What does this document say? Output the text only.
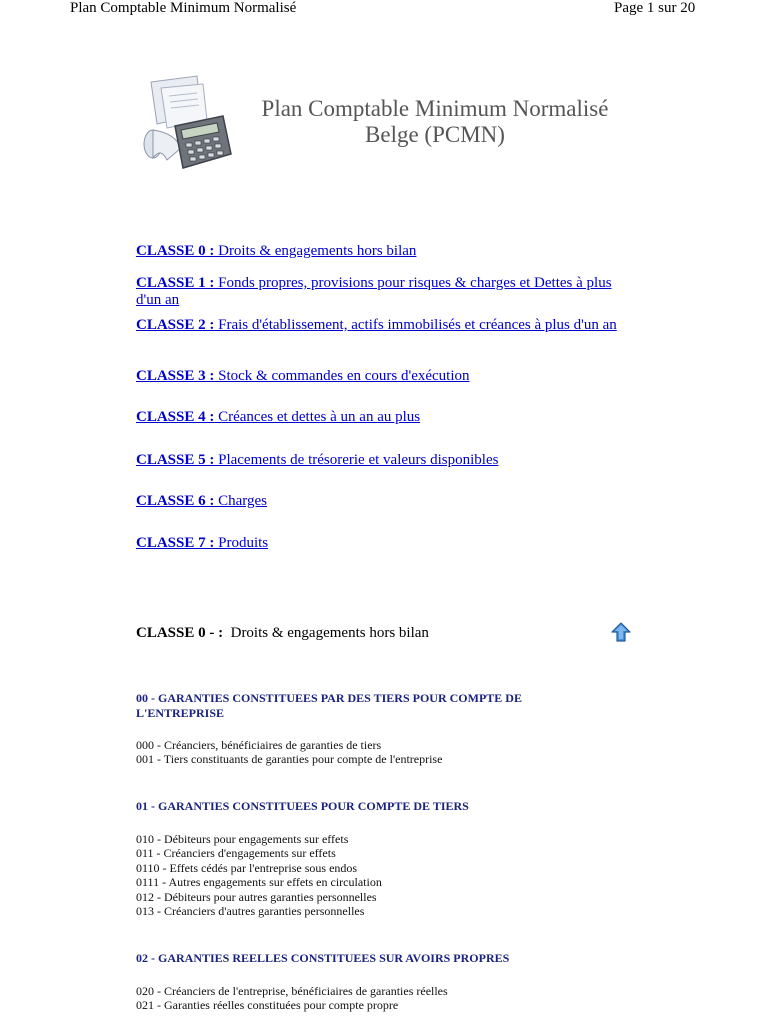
Plan Comptable Minimum Normalisé	Page 1 sur 20
Plan Comptable Minimum Normalisé
Belge (PCMN)
CLASSE 0 : Droits & engagements hors bilan
CLASSE 1 : Fonds propres, provisions pour risques & charges et Dettes à plus d'un an
CLASSE 2 : Frais d'établissement, actifs immobilisés et créances à plus d'un an
CLASSE 3 : Stock & commandes en cours d'exécution
CLASSE 4 : Créances et dettes à un an au plus
CLASSE 5 : Placements de trésorerie et valeurs disponibles
CLASSE 6 : Charges
CLASSE 7 : Produits
CLASSE 0 - : Droits & engagements hors bilan
00 - GARANTIES CONSTITUEES PAR DES TIERS POUR COMPTE DE L'ENTREPRISE
000 - Créanciers, bénéficiaires de garanties de tiers
001 - Tiers constituants de garanties pour compte de l'entreprise
01 - GARANTIES CONSTITUEES POUR COMPTE DE TIERS
010 - Débiteurs pour engagements sur effets
011 - Créanciers d'engagements sur effets
0110 - Effets cédés par l'entreprise sous endos
0111 - Autres engagements sur effets en circulation
012 - Débiteurs pour autres garanties personnelles
013 - Créanciers d'autres garanties personnelles
02 - GARANTIES REELLES CONSTITUEES SUR AVOIRS PROPRES
020 - Créanciers de l'entreprise, bénéficiaires de garanties réelles
021 - Garanties réelles constituées pour compte propre
